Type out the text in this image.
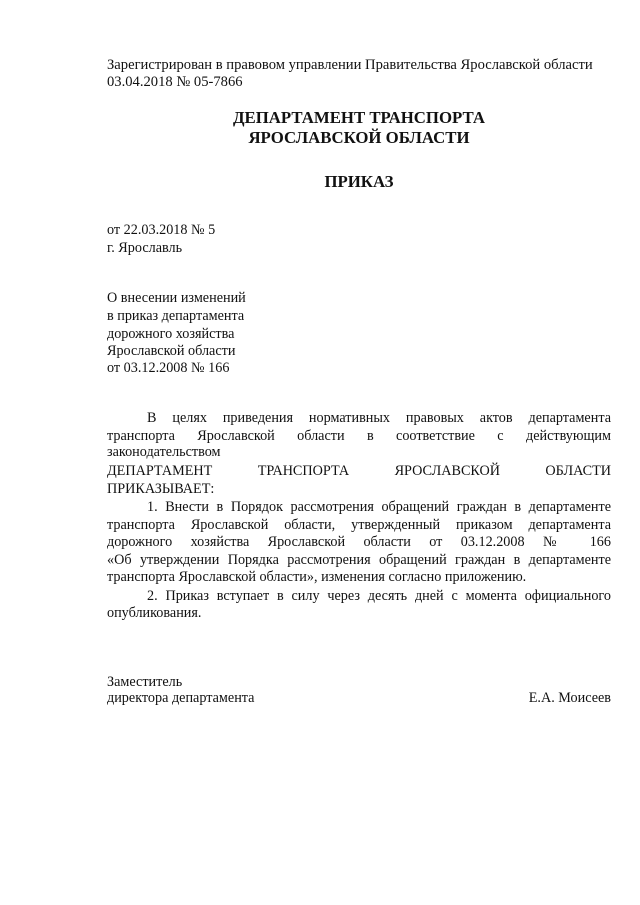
Зарегистрирован в правовом управлении Правительства Ярославской области

03.04.2018 № 05-7866

ДЕПАРТАМЕНТ ТРАНСПОРТА

ЯРОСЛАВСКОЙ ОБЛАСТИ

ПРИКАЗ

от 22.03.2018 № 5

г. Ярославль

О внесении изменений

в приказ департамента

дорожного хозяйства

Ярославской области

от 03.12.2008 № 166

В целях приведения нормативных правовых актов департамента

транспорта Ярославской области в соответствие с действующим

законодательством

ДЕПАРТАМЕНТ ТРАНСПОРТА ЯРОСЛАВСКОЙ ОБЛАСТИ

ПРИКАЗЫВАЕТ:

1. Внести в Порядок рассмотрения обращений граждан в департаменте

транспорта Ярославской области, утвержденный приказом департамента

дорожного хозяйства Ярославской области от 03.12.2008 № 166

«Об утверждении Порядка рассмотрения обращений граждан в департаменте

транспорта Ярославской области», изменения согласно приложению.

2. Приказ вступает в силу через десять дней с момента официального

опубликования.

Заместитель

директора департамента	Е.А. Моисеев
